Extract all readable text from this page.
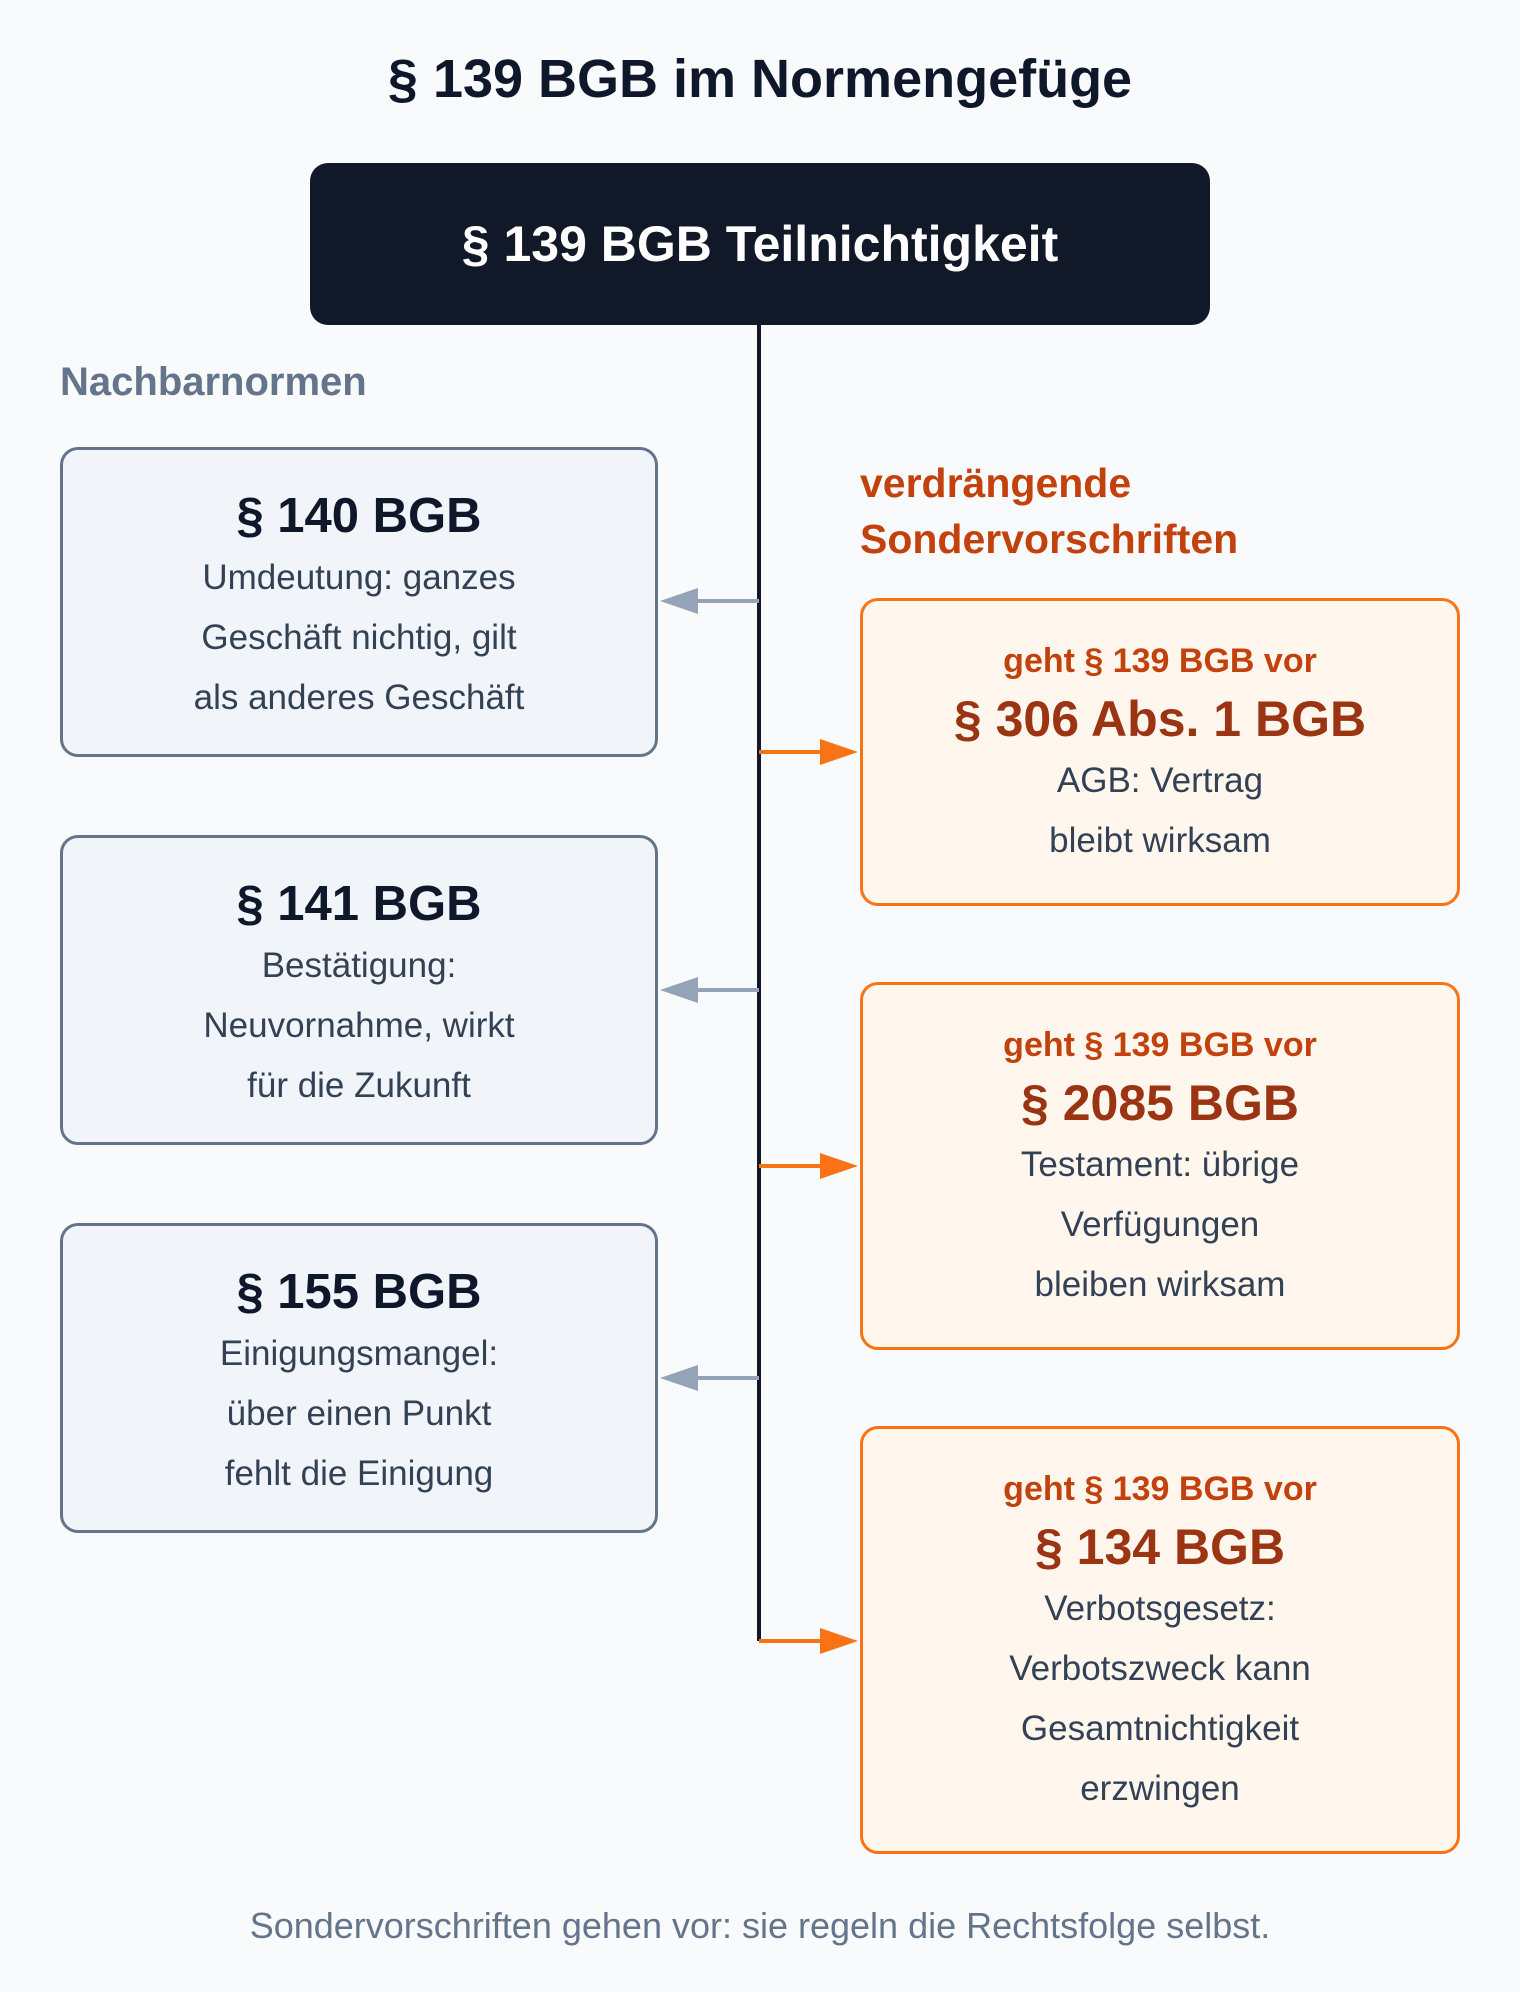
§ 139 BGB im Normengefüge
§ 139 BGB Teilnichtigkeit
Nachbarnormen
verdrängende
Sondervorschriften
§ 140 BGB
Umdeutung: ganzes
Geschäft nichtig, gilt
als anderes Geschäft
§ 141 BGB
Bestätigung:
Neuvornahme, wirkt
für die Zukunft
§ 155 BGB
Einigungsmangel:
über einen Punkt
fehlt die Einigung
geht § 139 BGB vor
§ 306 Abs. 1 BGB
AGB: Vertrag
bleibt wirksam
geht § 139 BGB vor
§ 2085 BGB
Testament: übrige
Verfügungen
bleiben wirksam
geht § 139 BGB vor
§ 134 BGB
Verbotsgesetz:
Verbotszweck kann
Gesamtnichtigkeit
erzwingen
Sondervorschriften gehen vor: sie regeln die Rechtsfolge selbst.
